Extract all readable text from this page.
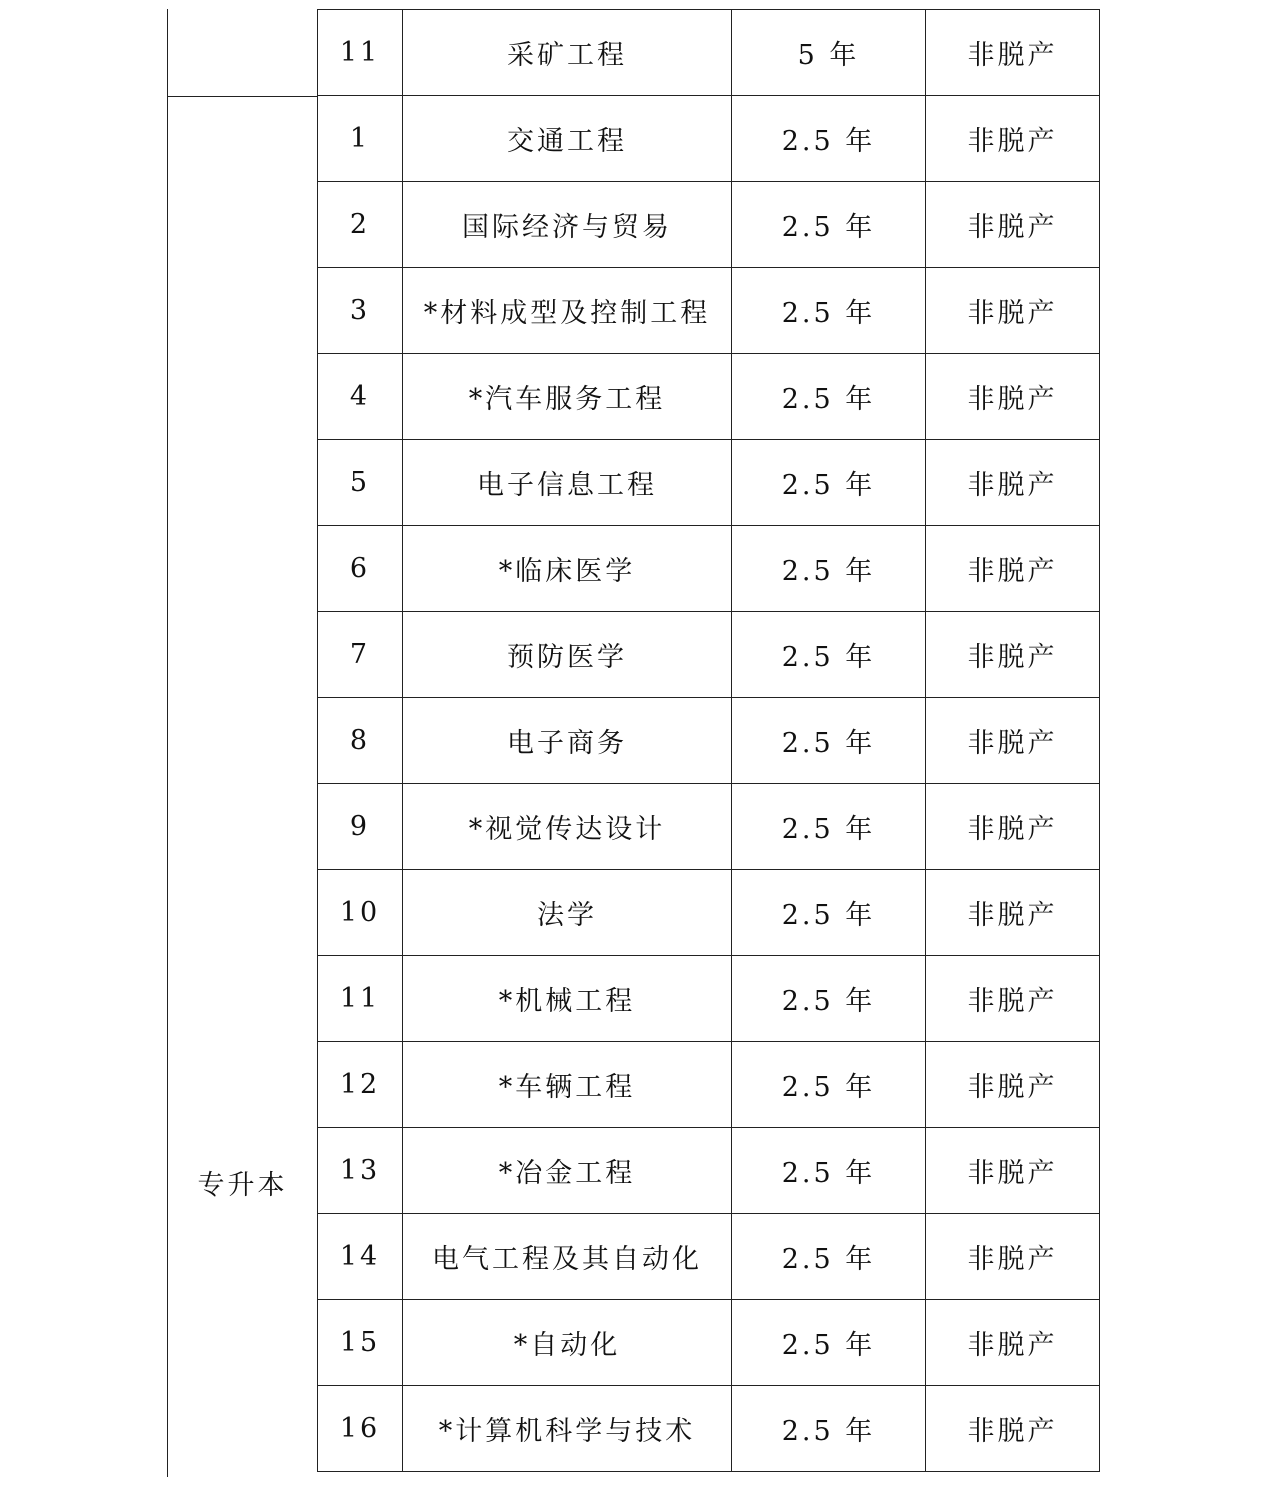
专升本
11	采矿工程	5 年	非脱产
1	交通工程	2.5 年	非脱产
2	国际经济与贸易	2.5 年	非脱产
3	*材料成型及控制工程	2.5 年	非脱产
4	*汽车服务工程	2.5 年	非脱产
5	电子信息工程	2.5 年	非脱产
6	*临床医学	2.5 年	非脱产
7	预防医学	2.5 年	非脱产
8	电子商务	2.5 年	非脱产
9	*视觉传达设计	2.5 年	非脱产
10	法学	2.5 年	非脱产
11	*机械工程	2.5 年	非脱产
12	*车辆工程	2.5 年	非脱产
13	*冶金工程	2.5 年	非脱产
14	电气工程及其自动化	2.5 年	非脱产
15	*自动化	2.5 年	非脱产
16	*计算机科学与技术	2.5 年	非脱产
